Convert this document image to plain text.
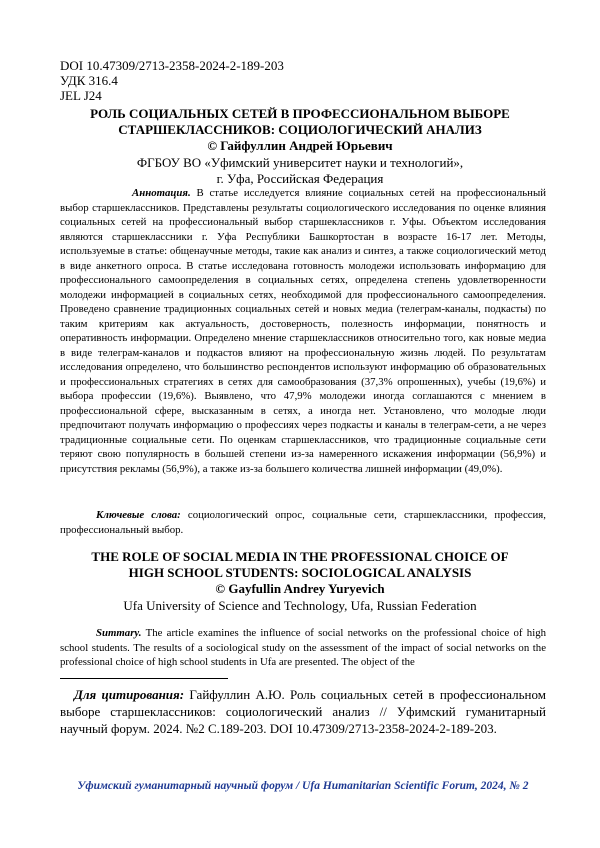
DOI 10.47309/2713-2358-2024-2-189-203
УДК 316.4
JEL J24
РОЛЬ СОЦИАЛЬНЫХ СЕТЕЙ В ПРОФЕССИОНАЛЬНОМ ВЫБОРЕ
СТАРШЕКЛАССНИКОВ: СОЦИОЛОГИЧЕСКИЙ АНАЛИЗ
© Гайфуллин Андрей Юрьевич
ФГБОУ ВО «Уфимский университет науки и технологий»,
г. Уфа, Российская Федерация
Аннотация. В статье исследуется влияние социальных сетей на профессиональный выбор старшеклассников. Представлены результаты социологического исследования по оценке влияния социальных сетей на профессиональный выбор старшеклассников г. Уфы. Объектом исследования являются старшеклассники г. Уфа Республики Башкортостан в возрасте 16-17 лет. Методы, используемые в статье: общенаучные методы, такие как анализ и синтез, а также социологический метод в виде анкетного опроса. В статье исследована готовность молодежи использовать информацию для профессионального самоопределения в социальных сетях, определена степень удовлетворенности молодежи информацией в социальных сетях, необходимой для профессионального самоопределения. Проведено сравнение традиционных социальных сетей и новых медиа (телеграм-каналы, подкасты) по таким критериям как актуальность, достоверность, полезность информации, понятность и оперативность информации. Определено мнение старшеклассников относительно того, как новые медиа в виде телеграм-каналов и подкастов влияют на профессиональную жизнь людей. По результатам исследования определено, что большинство респондентов используют информацию об образовательных и профессиональных стратегиях в сетях для самообразования (37,3% опрошенных), учебы (19,6%) и выбора профессии (19,6%). Выявлено, что 47,9% молодежи иногда соглашаются с мнением в профессиональной сфере, высказанным в сетях, а иногда нет. Установлено, что молодые люди предпочитают получать информацию о профессиях через подкасты и каналы в телеграм-сети, а не через традиционные социальные сети. По оценкам старшеклассников, что традиционные социальные сети теряют свою популярность в большей степени из-за намеренного искажения информации (56,9%) и присутствия рекламы (56,9%), а также из-за большего количества лишней информации (49,0%).
Ключевые слова: социологический опрос, социальные сети, старшеклассники, профессия, профессиональный выбор.
THE ROLE OF SOCIAL MEDIA IN THE PROFESSIONAL CHOICE OF
HIGH SCHOOL STUDENTS: SOCIOLOGICAL ANALYSIS
© Gayfullin Andrey Yuryevich
Ufa University of Science and Technology, Ufa, Russian Federation
Summary. The article examines the influence of social networks on the professional choice of high school students. The results of a sociological study on the assessment of the impact of social networks on the professional choice of high school students in Ufa are presented. The object of the
Для цитирования: Гайфуллин А.Ю. Роль социальных сетей в профессиональном выборе старшеклассников: социологический анализ // Уфимский гуманитарный научный форум. 2024. №2 С.189-203. DOI 10.47309/2713-2358-2024-2-189-203.
Уфимский гуманитарный научный форум / Ufa Humanitarian Scientific Forum, 2024, № 2
